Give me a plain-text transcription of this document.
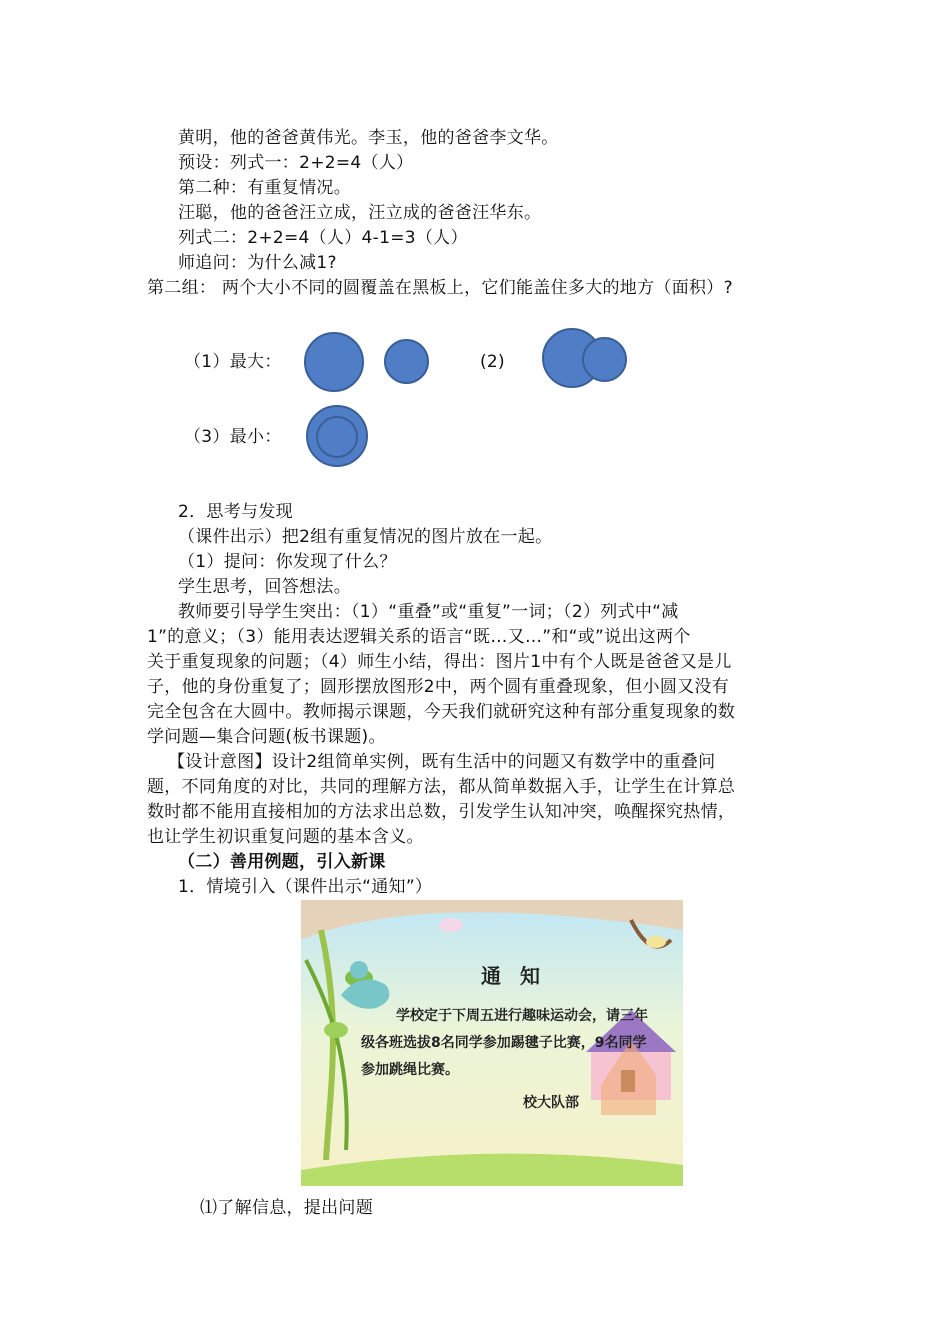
黄明，他的爸爸黄伟光。李玉，他的爸爸李文华。
预设：列式一：2+2=4（人）
第二种：有重复情况。
汪聪，他的爸爸汪立成，汪立成的爸爸汪华东。
列式二：2+2=4（人）4-1=3（人）
师追问：为什么减1?
第二组： 两个大小不同的圆覆盖在黑板上，它们能盖住多大的地方（面积）?
（1）最大：	(2)
（3）最小：
2．思考与发现
（课件出示）把2组有重复情况的图片放在一起。
（1）提问：你发现了什么？
学生思考，回答想法。
教师要引导学生突出：（1）“重叠”或“重复”一词；（2）列式中“减
1”的意义；（3）能用表达逻辑关系的语言“既…又…”和“或”说出这两个
关于重复现象的问题；（4）师生小结，得出：图片1中有个人既是爸爸又是儿
子，他的身份重复了；圆形摆放图形2中，两个圆有重叠现象，但小圆又没有
完全包含在大圆中。教师揭示课题，今天我们就研究这种有部分重复现象的数
学问题—集合问题(板书课题)。
【设计意图】设计2组简单实例，既有生活中的问题又有数学中的重叠问
题，不同角度的对比，共同的理解方法，都从简单数据入手，让学生在计算总
数时都不能用直接相加的方法求出总数，引发学生认知冲突，唤醒探究热情，
也让学生初识重复问题的基本含义。
（二）善用例题，引入新课
1．情境引入（课件出示“通知”）
通 知
学校定于下周五进行趣味运动会，请三年
级各班选拔8名同学参加踢毽子比赛，9名同学
参加跳绳比赛。
校大队部
⑴了解信息，提出问题
